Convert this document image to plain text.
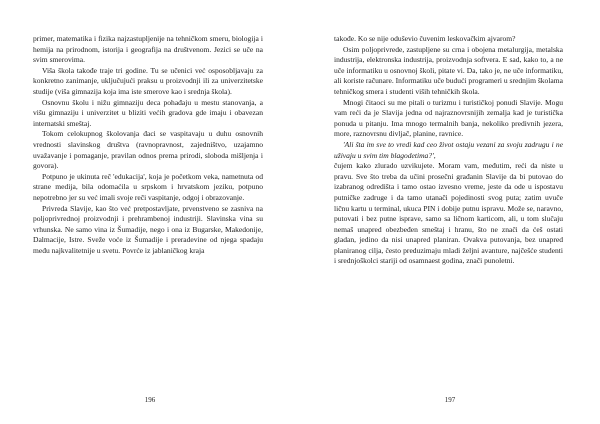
primer, matematika i fizika najzastupljenije na tehničkom smeru, biologija i hemija na prirodnom, istorija i geografija na društvenom. Jezici se uče na svim smerovima.

Viša škola takođe traje tri godine. Tu se učenici već osposobljavaju za konkretno zanimanje, uključujući praksu u proizvodnji ili za univerzitetske studije (viša gimnazija koja ima iste smerove kao i srednja škola).

Osnovnu školu i nižu gimnaziju deca pohađaju u mestu stanovanja, a višu gimnaziju i univerzitet u bliziti većih gradova gde imaju i obavezan internatski smeštaj.

Tokom celokupnog školovanja đaci se vaspitavaju u duhu osnovnih vrednosti slavinskog društva (ravnopravnost, zajedništvo, uzajamno uvažavanje i pomaganje, pravilan odnos prema prirodi, sloboda mišljenja i govora).

Potpuno je ukinuta reč 'edukacija', koja je početkom veka, nametnuta od strane medija, bila odomaćila u srpskom i hrvatskom jeziku, potpuno nepotrebno jer su već imali svoje reči vaspitanje, odgoj i obrazovanje.

Privreda Slavije, kao što već pretpostavljate, prvenstveno se zasniva na poljoprivrednoj proizvodnji i prehrambenoj industriji. Slavinska vina su vrhunska. Ne samo vina iz Šumadije, nego i ona iz Bugarske, Makedonije, Dalmacije, Istre. Sveže voće iz Šumadije i preradevine od njega spadaju među najkvalitetnije u svetu. Povrće iz jablaničkog kraja

196

takođe. Ko se nije oduševio čuvenim leskovačkim ajvarom?

Osim poljoprivrede, zastupljene su crna i obojena metalurgija, metalska industrija, elektronska industrija, proizvodnja softvera. E sad, kako to, a ne uče informatiku u osnovnoj školi, pitate vi. Da, tako je, ne uče informatiku, ali koriste računare. Informatiku uče budući programeri u srednjim školama tehničkog smera i studenti viših tehničkih škola.

Mnogi čitaoci su me pitali o turizmu i turističkoj ponudi Slavije. Mogu vam reći da je Slavija jedna od najraznovrsnijih zemalja kad je turistička ponuda u pitanju. Ima mnogo termalnih banja, nekoliko predivnih jezera, more, raznovrsnu divljač, planine, ravnice.

'Ali šta im sve to vredi kad ceo život ostaju vezani za svoju zadrugu i ne uživaju u svim tim blagodetima?',

čujem kako zlurado uzvikujete. Moram vam, međutim, reći da niste u pravu. Sve što treba da učini prosečni građanin Slavije da bi putovao do izabranog odredišta i tamo ostao izvesno vreme, jeste da ode u ispostavu putničke zadruge i da tamo utanači pojedinosti svog puta; zatim uvuče ličnu kartu u terminal, ukuca PIN i dobije putnu ispravu. Može se, naravno, putovati i bez putne isprave, samo sa ličnom karticom, ali, u tom slučaju nemaš unapred obezbeđen smeštaj i hranu, što ne znači da ćeš ostati gladan, jedino da nisi unapred planiran. Ovakva putovanja, bez unapred planiranog cilja, često preduzimaju mladi željni avanture, najčešće studenti i srednjoškolci stariji od osamnaest godina, znači punoletni.

197
